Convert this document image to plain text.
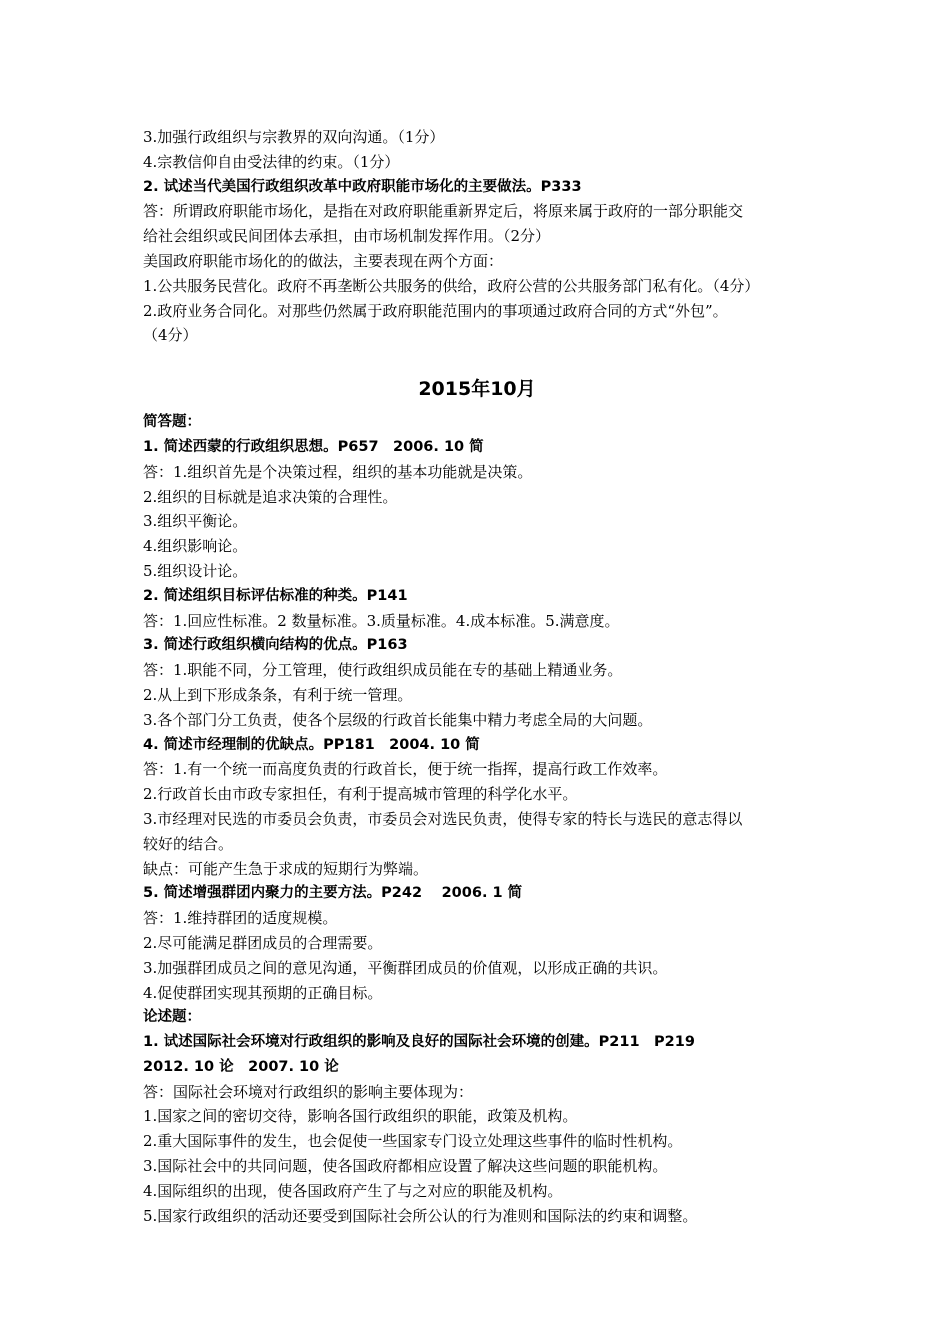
3.加强行政组织与宗教界的双向沟通。（1分）
4.宗教信仰自由受法律的约束。（1分）
2. 试述当代美国行政组织改革中政府职能市场化的主要做法。P333
答：所谓政府职能市场化，是指在对政府职能重新界定后，将原来属于政府的一部分职能交
给社会组织或民间团体去承担，由市场机制发挥作用。（2分）
美国政府职能市场化的的做法，主要表现在两个方面：
1.公共服务民营化。政府不再垄断公共服务的供给，政府公营的公共服务部门私有化。（4分）
2.政府业务合同化。对那些仍然属于政府职能范围内的事项通过政府合同的方式“外包”。
（4分）
2015年10月
简答题：
1. 简述西蒙的行政组织思想。P657　2006. 10 简
答：1.组织首先是个决策过程，组织的基本功能就是决策。
2.组织的目标就是追求决策的合理性。
3.组织平衡论。
4.组织影响论。
5.组织设计论。
2. 简述组织目标评估标准的种类。P141
答：1.回应性标准。2 数量标准。3.质量标准。4.成本标准。5.满意度。
3. 简述行政组织横向结构的优点。P163
答：1.职能不同，分工管理，使行政组织成员能在专的基础上精通业务。
2.从上到下形成条条，有利于统一管理。
3.各个部门分工负责，使各个层级的行政首长能集中精力考虑全局的大问题。
4. 简述市经理制的优缺点。PP181　2004. 10 简
答：1.有一个统一而高度负责的行政首长，便于统一指挥，提高行政工作效率。
2.行政首长由市政专家担任，有利于提高城市管理的科学化水平。
3.市经理对民选的市委员会负责，市委员会对选民负责，使得专家的特长与选民的意志得以
较好的结合。
缺点：可能产生急于求成的短期行为弊端。
5. 简述增强群团内聚力的主要方法。P242　 2006. 1 简
答：1.维持群团的适度规模。
2.尽可能满足群团成员的合理需要。
3.加强群团成员之间的意见沟通，平衡群团成员的价值观，以形成正确的共识。
4.促使群团实现其预期的正确目标。
论述题：
1. 试述国际社会环境对行政组织的影响及良好的国际社会环境的创建。P211　P219
2012. 10 论　2007. 10 论
答：国际社会环境对行政组织的影响主要体现为：
1.国家之间的密切交待，影响各国行政组织的职能，政策及机构。
2.重大国际事件的发生，也会促使一些国家专门设立处理这些事件的临时性机构。
3.国际社会中的共同问题，使各国政府都相应设置了解决这些问题的职能机构。
4.国际组织的出现，使各国政府产生了与之对应的职能及机构。
5.国家行政组织的活动还要受到国际社会所公认的行为准则和国际法的约束和调整。
